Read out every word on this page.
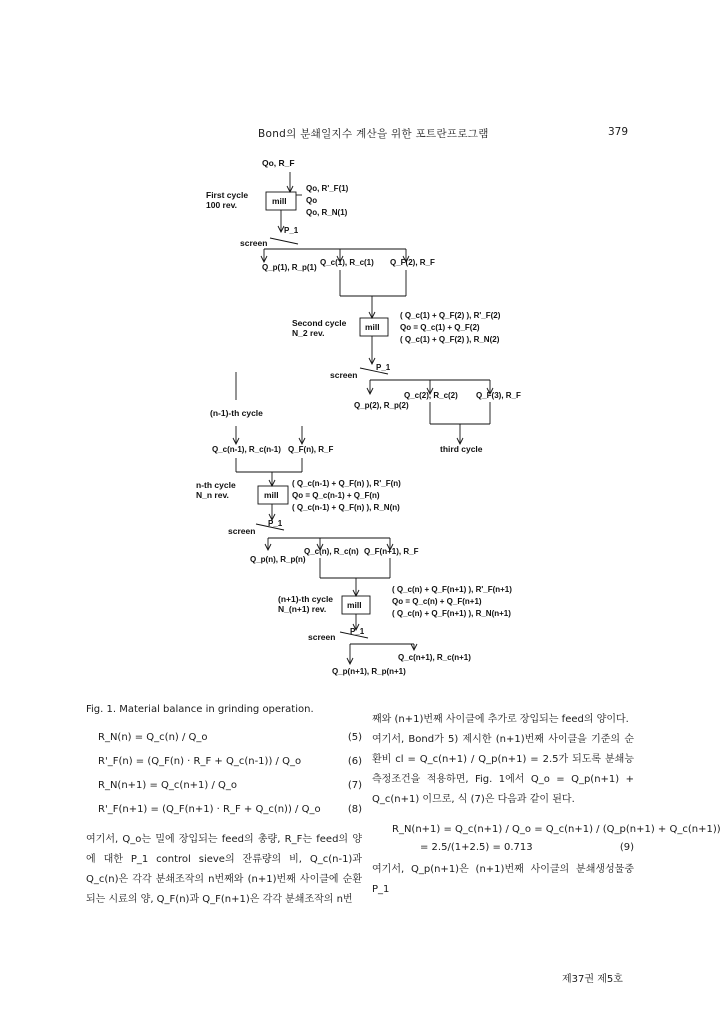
Bond의 분쇄일지수 계산을 위한 포트란프로그램	379
Qo, R_F
First cycle
100 rev.	mill
Qo, R'_F(1)
Qo
Qo, R_N(1)
P_1
screen
Q_p(1), R_p(1)
Q_c(1), R_c(1) Q_F(2), R_F
mill
Second cycle
N_2 rev.
( Q_c(1) + Q_F(2) ), R'_F(2)
Qo = Q_c(1) + Q_F(2)
( Q_c(1) + Q_F(2) ), R_N(2)
P_1
screen
Q_p(2), R_p(2)
Q_c(2), R_c(2) Q_F(3), R_F
third cycle
(n-1)-th cycle
Q_c(n-1), R_c(n-1) Q_F(n), R_F
mill
n-th cycle
N_n rev.
( Q_c(n-1) + Q_F(n) ), R'_F(n)
Qo = Q_c(n-1) + Q_F(n)
( Q_c(n-1) + Q_F(n) ), R_N(n)
P_1
screen
Q_p(n), R_p(n)
Q_c(n), R_c(n) Q_F(n+1), R_F
mill
(n+1)-th cycle
N_(n+1) rev.
( Q_c(n) + Q_F(n+1) ), R'_F(n+1)
Qo = Q_c(n) + Q_F(n+1)
( Q_c(n) + Q_F(n+1) ), R_N(n+1)
P_1
screen
Q_c(n+1), R_c(n+1)
Q_p(n+1), R_p(n+1)
Fig. 1. Material balance in grinding operation.
R_N(n) = Q_c(n) / Q_o	(5)
R'_F(n) = (Q_F(n) · R_F + Q_c(n-1)) / Q_o	(6)
R_N(n+1) = Q_c(n+1) / Q_o	(7)
R'_F(n+1) = (Q_F(n+1) · R_F + Q_c(n)) / Q_o	(8)

여기서, Q_o는 밀에 장입되는 feed의 총량, R_F는 feed의 양에 대한 P_1 control sieve의 잔류량의 비, Q_c(n-1)과 Q_c(n)은 각각 분쇄조작의 n번째와 (n+1)번째 사이클에 순환되는 시료의 양, Q_F(n)과 Q_F(n+1)은 각각 분쇄조작의 n번

째와 (n+1)번째 사이클에 추가로 장입되는 feed의 양이다.
여기서, Bond가 5) 제시한 (n+1)번째 사이클을 기준의 순환비 cl = Q_c(n+1) / Q_p(n+1) = 2.5가 되도록 분쇄능 측정조건을 적용하면, Fig. 1에서 Q_o = Q_p(n+1) + Q_c(n+1) 이므로, 식 (7)은 다음과 같이 된다.
R_N(n+1) = Q_c(n+1) / Q_o = Q_c(n+1) / (Q_p(n+1) + Q_c(n+1))
= 2.5/(1+2.5) = 0.713	(9)
여기서, Q_p(n+1)은 (n+1)번째 사이클의 분쇄생성물중 P_1
제37권 제5호
